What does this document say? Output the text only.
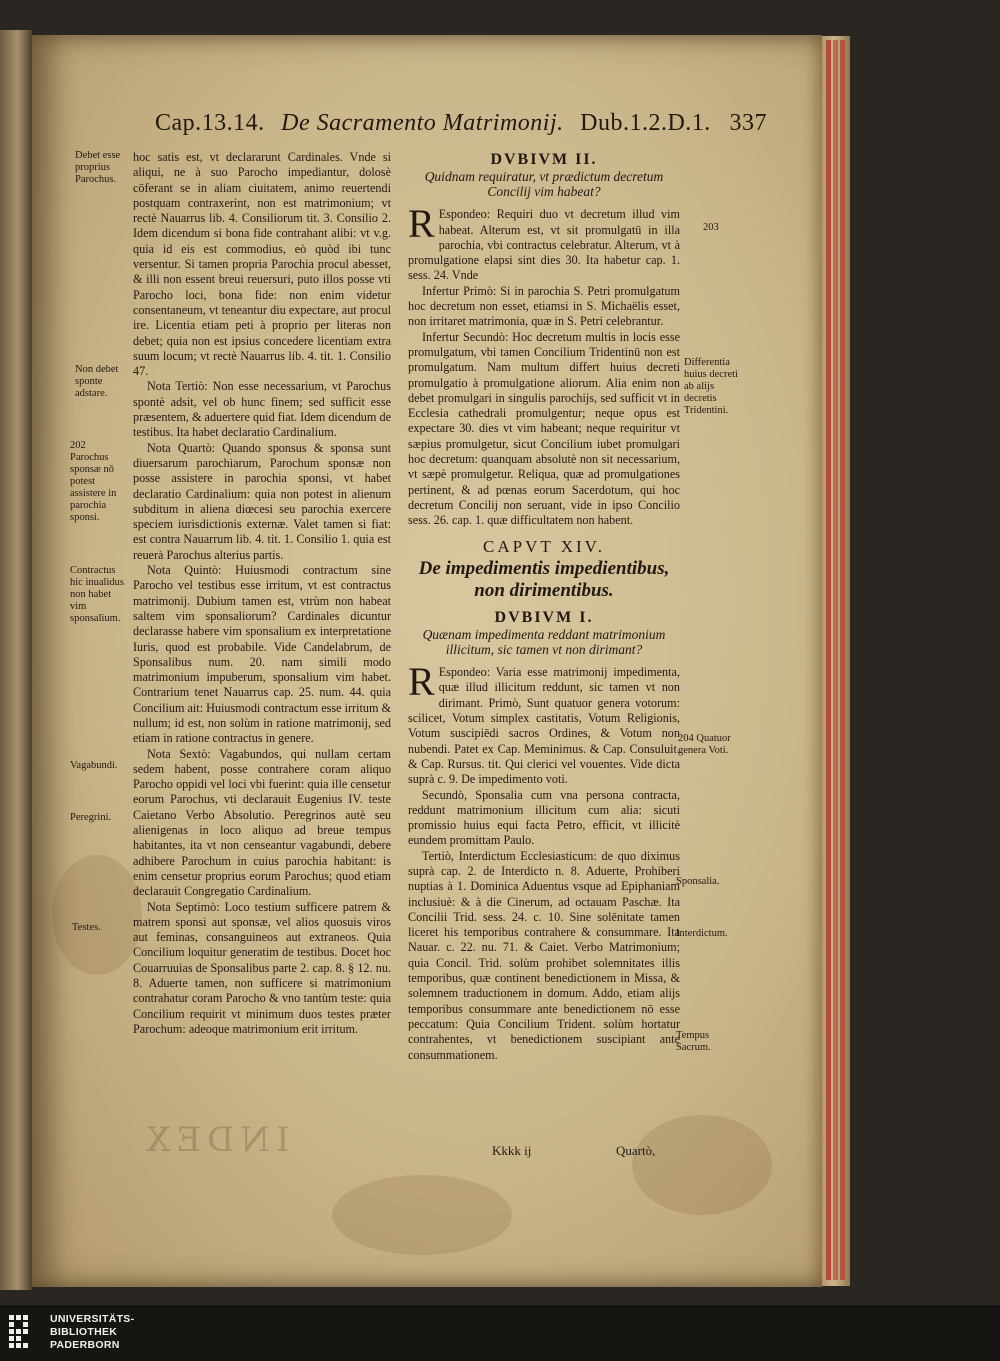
INDEX
Cap.13.14. De Sacramento Matrimonij. Dub.1.2.D.1. 337
Debet esse proprius Parochus.
Non debet sponte adstare.
202 Parochus sponsæ nō potest assistere in parochia sponsi.
Contractus hic inualidus non habet vim sponsalium.
Vagabundi.
Peregrini.
Testes.

hoc satis est, vt declararunt Cardinales. Vnde si aliqui, ne à suo Parocho impediantur, dolosè cōferant se in aliam ciuitatem, animo reuertendi postquam contraxerint, non est matrimonium; vt rectè Nauarrus lib. 4. Consiliorum tit. 3. Consilio 2. Idem dicendum si bona fide contrahant alibi: vt v.g. quia id eis est commodius, eò quòd ibi tunc versentur. Si tamen propria Parochia procul abesset, & illi non essent breui reuersuri, puto illos posse vti Parocho loci, bona fide: non enim videtur consentaneum, vt teneantur diu expectare, aut procul ire. Licentia etiam peti à proprio per literas non debet; quia non est ipsius concedere licentiam extra suum locum; vt rectè Nauarrus lib. 4. tit. 1. Consilio 47.

Nota Tertiò: Non esse necessarium, vt Parochus spontè adsit, vel ob hunc finem; sed sufficit esse præsentem, & aduertere quid fiat. Idem dicendum de testibus. Ita habet declaratio Cardinalium.

Nota Quartò: Quando sponsus & sponsa sunt diuersarum parochiarum, Parochum sponsæ non posse assistere in parochia sponsi, vt habet declaratio Cardinalium: quia non potest in alienum subditum in aliena diœcesi seu parochia exercere speciem iurisdictionis externæ. Valet tamen si fiat: est contra Nauarrum lib. 4. tit. 1. Consilio 1. quia est reuerà Parochus alterius partis.

Nota Quintò: Huiusmodi contractum sine Parocho vel testibus esse irritum, vt est contractus matrimonij. Dubium tamen est, vtrùm non habeat saltem vim sponsaliorum? Cardinales dicuntur declarasse habere vim sponsalium ex interpretatione Iuris, quod est probabile. Vide Candelabrum, de Sponsalibus num. 20. nam simili modo matrimonium impuberum, sponsalium vim habet. Contrarium tenet Nauarrus cap. 25. num. 44. quia Concilium ait: Huiusmodi contractum esse irritum & nullum; id est, non solùm in ratione matrimonij, sed etiam in ratione contractus in genere.

Nota Sextò: Vagabundos, qui nullam certam sedem habent, posse contrahere coram aliquo Parocho oppidi vel loci vbi fuerint: quia ille censetur eorum Parochus, vti declarauit Eugenius IV. teste Caietano Verbo Absolutio. Peregrinos autè seu alienigenas in loco aliquo ad breue tempus habitantes, ita vt non censeantur vagabundi, debere adhibere Parochum in cuius parochia habitant: is enim censetur proprius eorum Parochus; quod etiam declarauit Congregatio Cardinalium.

Nota Septimò: Loco testium sufficere patrem & matrem sponsi aut sponsæ, vel alios quosuis viros aut feminas, consanguineos aut extraneos. Quia Concilium loquitur generatim de testibus. Docet hoc Couarruuias de Sponsalibus parte 2. cap. 8. § 12. nu. 8. Aduerte tamen, non sufficere si matrimonium contrahatur coram Parocho & vno tantùm teste: quia Concilium requirit vt minimum duos testes præter Parochum: adeoque matrimonium erit irritum.

DVBIVM II.
Quidnam requiratur, vt prædictum decretum Concilij vim habeat?

R Espondeo: Requiri duo vt decretum illud vim habeat. Alterum est, vt sit promulgatū in illa parochia, vbi contractus celebratur. Alterum, vt à promulgatione elapsi sint dies 30. Ita habetur cap. 1. sess. 24. Vnde

Infertur Primò: Si in parochia S. Petri promulgatum hoc decretum non esset, etiamsi in S. Michaëlis esset, non irritaret matrimonia, quæ in S. Petri celebrantur.

Infertur Secundò: Hoc decretum multis in locis esse promulgatum, vbi tamen Concilium Tridentinū non est promulgatum. Nam multum differt huius decreti promulgatio à promulgatione aliorum. Alia enim non debet promulgari in singulis parochijs, sed sufficit vt in Ecclesia cathedrali promulgentur; neque opus est expectare 30. dies vt vim habeant; neque requiritur vt sæpius promulgetur, sicut Concilium iubet promulgari hoc decretum: quanquam absolutè non sit necessarium, vt sæpè promulgetur. Reliqua, quæ ad promulgationes pertinent, & ad pœnas eorum Sacerdotum, qui hoc decretum Concilij non seruant, vide in ipso Concilio sess. 26. cap. 1. quæ difficultatem non habent.

CAPVT XIV.
De impedimentis impedientibus, non dirimentibus.
DVBIVM I.
Quænam impedimenta reddant matrimonium illicitum, sic tamen vt non dirimant?

R Espondeo: Varia esse matrimonij impedimenta, quæ illud illicitum reddunt, sic tamen vt non dirimant. Primò, Sunt quatuor genera votorum: scilicet, Votum simplex castitatis, Votum Religionis, Votum suscipiēdi sacros Ordines, & Votum non nubendi. Patet ex Cap. Meminimus. & Cap. Consuluit. & Cap. Rursus. tit. Qui clerici vel vouentes. Vide dicta suprà c. 9. De impedimento voti.

Secundò, Sponsalia cum vna persona contracta, reddunt matrimonium illicitum cum alia: sicuti promissio huius equi facta Petro, efficit, vt illicitè eundem promittam Paulo.

Tertiò, Interdictum Ecclesiasticum: de quo diximus suprà cap. 2. de Interdicto n. 8. Aduerte, Prohiberi nuptias à 1. Dominica Aduentus vsque ad Epiphaniam inclusiuè: & à die Cinerum, ad octauam Paschæ. Ita Concilii Trid. sess. 24. c. 10. Sine solēnitate tamen liceret his temporibus contrahere & consummare. Ita Nauar. c. 22. nu. 71. & Caiet. Verbo Matrimonium; quia Concil. Trid. solùm prohibet solemnitates illis temporibus, quæ continent benedictionem in Missa, & solemnem traductionem in domum. Addo, etiam alijs temporibus consummare ante benedictionem nō esse peccatum: Quia Concilium Trident. solùm hortatur contrahentes, vt benedictionem suscipiant ante consummationem.

203
Differentia huius decreti ab alijs decretis Tridentini.
204 Quatuor genera Voti.
Sponsalia.
Interdictum.
Tempus Sacrum.
Kkkk ij	Quartò,
UNIVERSITÄTS-
BIBLIOTHEK
PADERBORN
